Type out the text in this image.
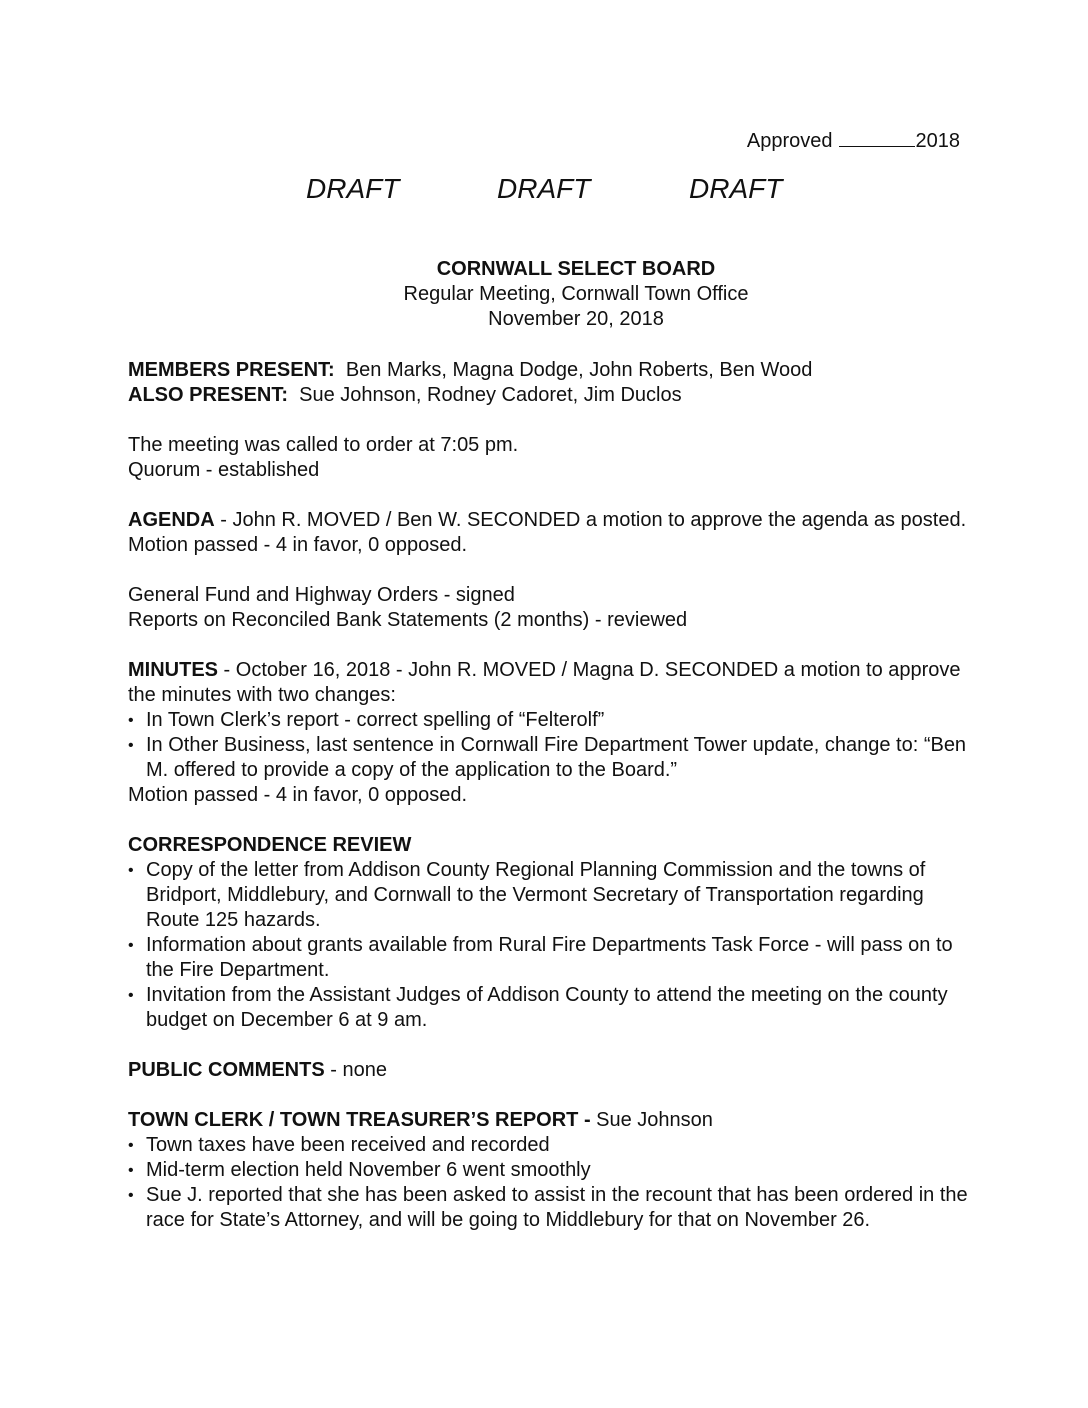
Approved	2018
DRAFT	DRAFT	DRAFT
CORNWALL SELECT BOARD
Regular Meeting, Cornwall Town Office
November 20, 2018
MEMBERS PRESENT: Ben Marks, Magna Dodge, John Roberts, Ben Wood
ALSO PRESENT: Sue Johnson, Rodney Cadoret, Jim Duclos
The meeting was called to order at 7:05 pm.
Quorum - established
AGENDA - John R. MOVED / Ben W. SECONDED a motion to approve the agenda as posted. Motion passed - 4 in favor, 0 opposed.
General Fund and Highway Orders - signed
Reports on Reconciled Bank Statements (2 months) - reviewed
MINUTES - October 16, 2018 - John R. MOVED / Magna D. SECONDED a motion to approve the minutes with two changes:
• In Town Clerk’s report - correct spelling of “Felterolf”
• In Other Business, last sentence in Cornwall Fire Department Tower update, change to: “Ben M. offered to provide a copy of the application to the Board.”
Motion passed - 4 in favor, 0 opposed.
CORRESPONDENCE REVIEW
• Copy of the letter from Addison County Regional Planning Commission and the towns of Bridport, Middlebury, and Cornwall to the Vermont Secretary of Transportation regarding Route 125 hazards.
• Information about grants available from Rural Fire Departments Task Force - will pass on to the Fire Department.
• Invitation from the Assistant Judges of Addison County to attend the meeting on the county budget on December 6 at 9 am.
PUBLIC COMMENTS - none
TOWN CLERK / TOWN TREASURER’S REPORT - Sue Johnson
• Town taxes have been received and recorded
• Mid-term election held November 6 went smoothly
• Sue J. reported that she has been asked to assist in the recount that has been ordered in the race for State’s Attorney, and will be going to Middlebury for that on November 26.
